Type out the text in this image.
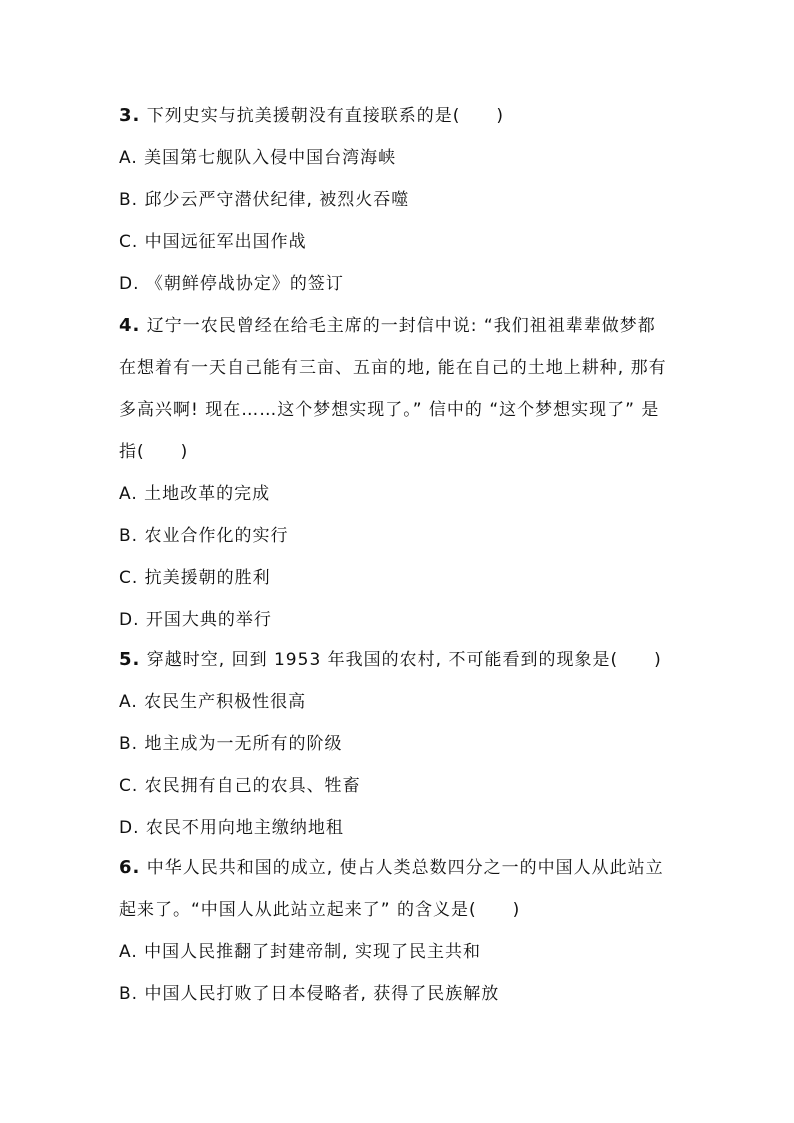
3. 下列史实与抗美援朝没有直接联系的是(　　)
A. 美国第七舰队入侵中国台湾海峡
B. 邱少云严守潜伏纪律, 被烈火吞噬
C. 中国远征军出国作战
D. 《朝鲜停战协定》的签订
4. 辽宁一农民曾经在给毛主席的一封信中说: “我们祖祖辈辈做梦都
在想着有一天自己能有三亩、五亩的地, 能在自己的土地上耕种, 那有
多高兴啊! 现在……这个梦想实现了。” 信中的 “这个梦想实现了” 是
指(　　)
A. 土地改革的完成
B. 农业合作化的实行
C. 抗美援朝的胜利
D. 开国大典的举行
5. 穿越时空, 回到 1953 年我国的农村, 不可能看到的现象是(　　)
A. 农民生产积极性很高
B. 地主成为一无所有的阶级
C. 农民拥有自己的农具、牲畜
D. 农民不用向地主缴纳地租
6. 中华人民共和国的成立, 使占人类总数四分之一的中国人从此站立
起来了。“中国人从此站立起来了” 的含义是(　　)
A. 中国人民推翻了封建帝制, 实现了民主共和
B. 中国人民打败了日本侵略者, 获得了民族解放
